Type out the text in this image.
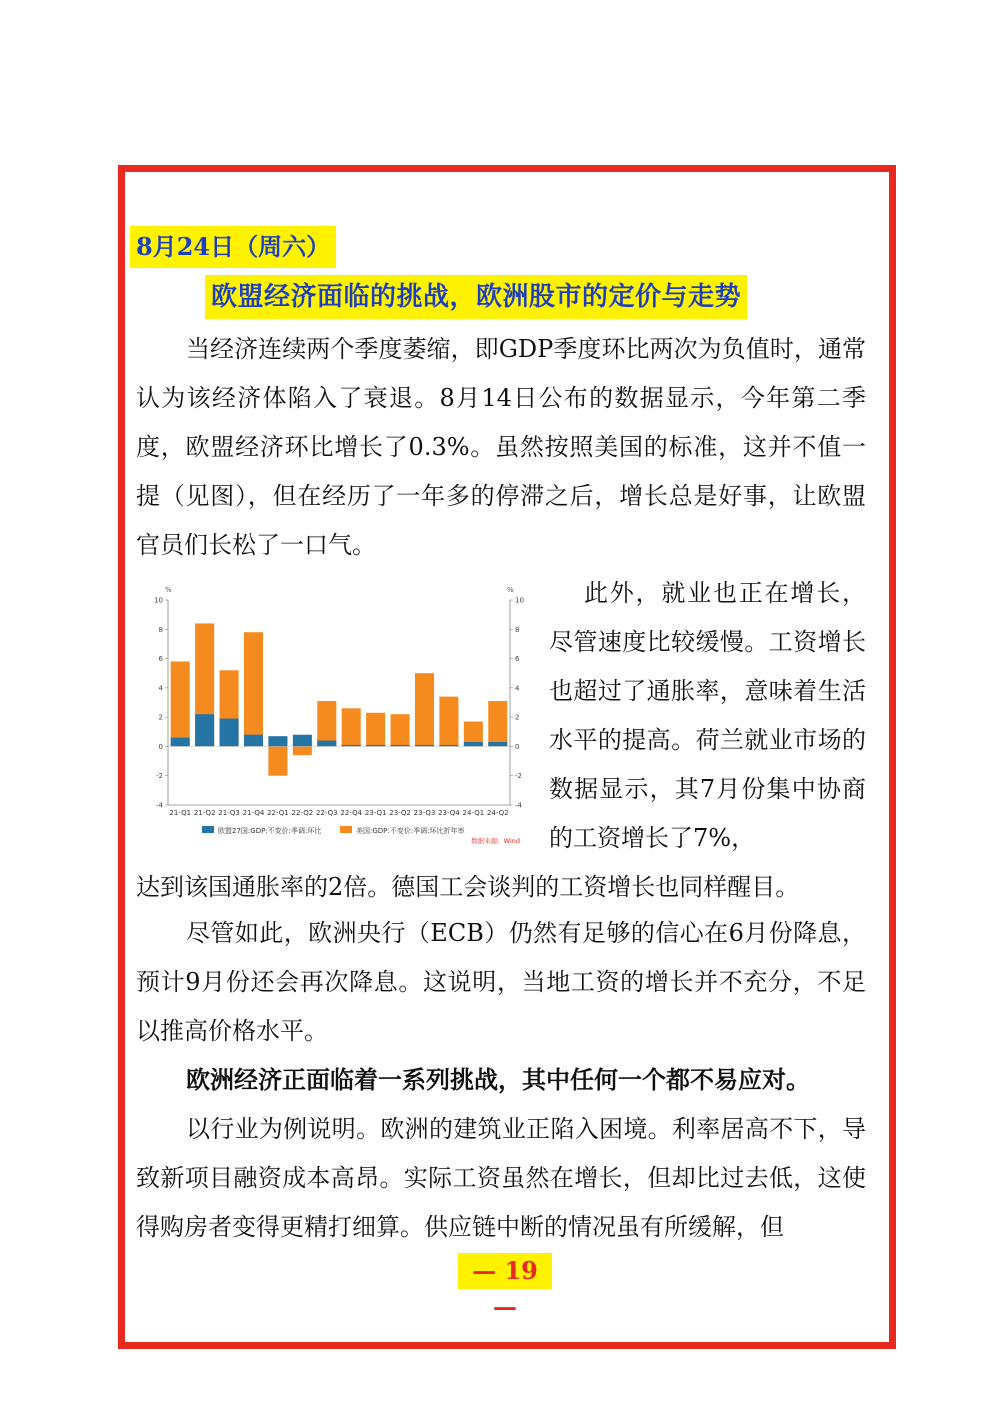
8月24日（周六）
欧盟经济面临的挑战，欧洲股市的定价与走势

当经济连续两个季度萎缩，即GDP季度环比两次为负值时，通常认为该经济体陷入了衰退。8月14日公布的数据显示，今年第二季度，欧盟经济环比增长了0.3%。虽然按照美国的标准，这并不值一提（见图），但在经历了一年多的停滞之后，增长总是好事，让欧盟官员们长松了一口气。

-4	-4
-2	-2
0	0
2	2
4	4
6	6
8	8
10	10
21-Q1 21-Q2 21-Q3 21-Q4 22-Q1 22-Q2 22-Q3 22-Q4 23-Q1 23-Q2 23-Q3 23-Q4 24-Q1 24-Q2
欧盟27国:GDP:不变价:季调:环比	美国:GDP:不变价:季调:环比折年率
数据来源：Wind
%	%	此外，就业也正在增长，尽管速度比较缓慢。工资增长也超过了通胀率，意味着生活水平的提高。荷兰就业市场的数据显示，其7月份集中协商的工资增长了7%，

达到该国通胀率的2倍。德国工会谈判的工资增长也同样醒目。

尽管如此，欧洲央行（ECB）仍然有足够的信心在6月份降息，预计9月份还会再次降息。这说明，当地工资的增长并不充分，不足以推高价格水平。

欧洲经济正面临着一系列挑战，其中任何一个都不易应对。

以行业为例说明。欧洲的建筑业正陷入困境。利率居高不下，导致新项目融资成本高昂。实际工资虽然在增长，但却比过去低，这使得购房者变得更精打细算。供应链中断的情况虽有所缓解，但

— 19 —
